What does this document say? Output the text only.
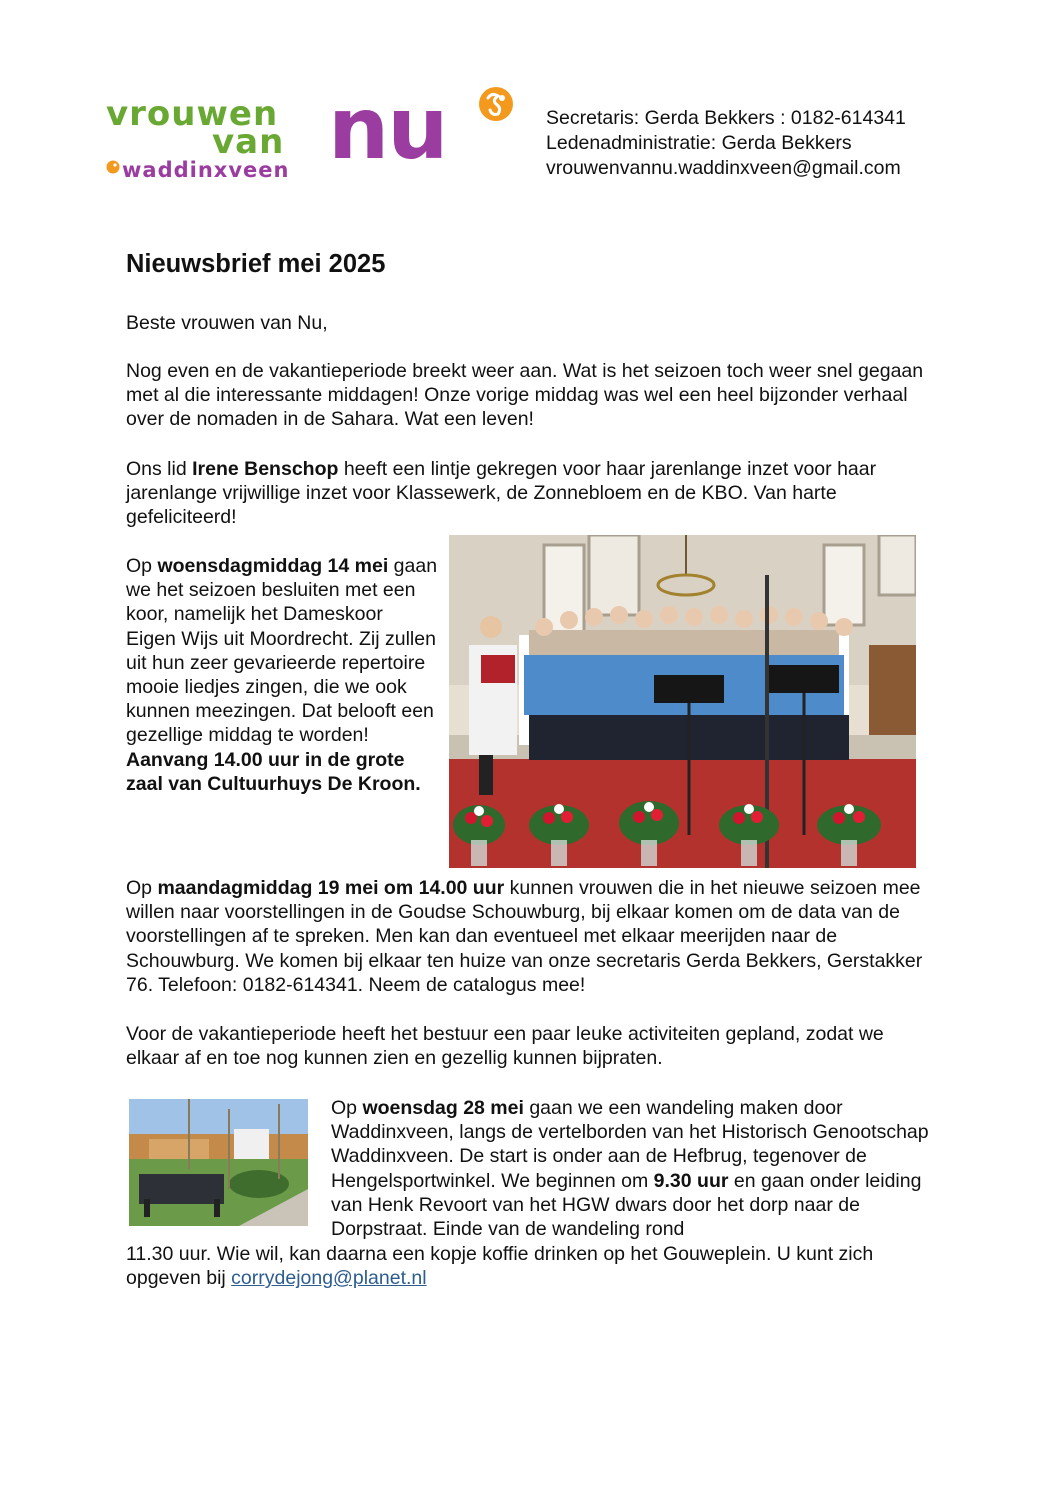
vrouwen
van nu
waddinxveen
Secretaris: Gerda Bekkers : 0182-614341
Ledenadministratie: Gerda Bekkers
vrouwenvannu.waddinxveen@gmail.com
Nieuwsbrief mei 2025
Beste vrouwen van Nu,
Nog even en de vakantieperiode breekt weer aan. Wat is het seizoen toch weer snel gegaan met al die interessante middagen! Onze vorige middag was wel een heel bijzonder verhaal over de nomaden in de Sahara. Wat een leven!
Ons lid Irene Benschop heeft een lintje gekregen voor haar jarenlange inzet voor haar jarenlange vrijwillige inzet voor Klassewerk, de Zonnebloem en de KBO. Van harte gefeliciteerd!
Op woensdagmiddag 14 mei gaan we het seizoen besluiten met een koor, namelijk het Dameskoor Eigen Wijs uit Moordrecht. Zij zullen uit hun zeer gevarieerde repertoire mooie liedjes zingen, die we ook kunnen meezingen. Dat belooft een gezellige middag te worden! Aanvang 14.00 uur in de grote zaal van Cultuurhuys De Kroon.
Op maandagmiddag 19 mei om 14.00 uur kunnen vrouwen die in het nieuwe seizoen mee willen naar voorstellingen in de Goudse Schouwburg, bij elkaar komen om de data van de voorstellingen af te spreken. Men kan dan eventueel met elkaar meerijden naar de Schouwburg. We komen bij elkaar ten huize van onze secretaris Gerda Bekkers, Gerstakker 76. Telefoon: 0182-614341. Neem de catalogus mee!
Voor de vakantieperiode heeft het bestuur een paar leuke activiteiten gepland, zodat we elkaar af en toe nog kunnen zien en gezellig kunnen bijpraten.
Op woensdag 28 mei gaan we een wandeling maken door Waddinxveen, langs de vertelborden van het Historisch Genootschap Waddinxveen. De start is onder aan de Hefbrug, tegenover de Hengelsportwinkel. We beginnen om 9.30 uur en gaan onder leiding van Henk Revoort van het HGW dwars door het dorp naar de Dorpstraat. Einde van de wandeling rond
11.30 uur. Wie wil, kan daarna een kopje koffie drinken op het Gouweplein. U kunt zich opgeven bij corrydejong@planet.nl
